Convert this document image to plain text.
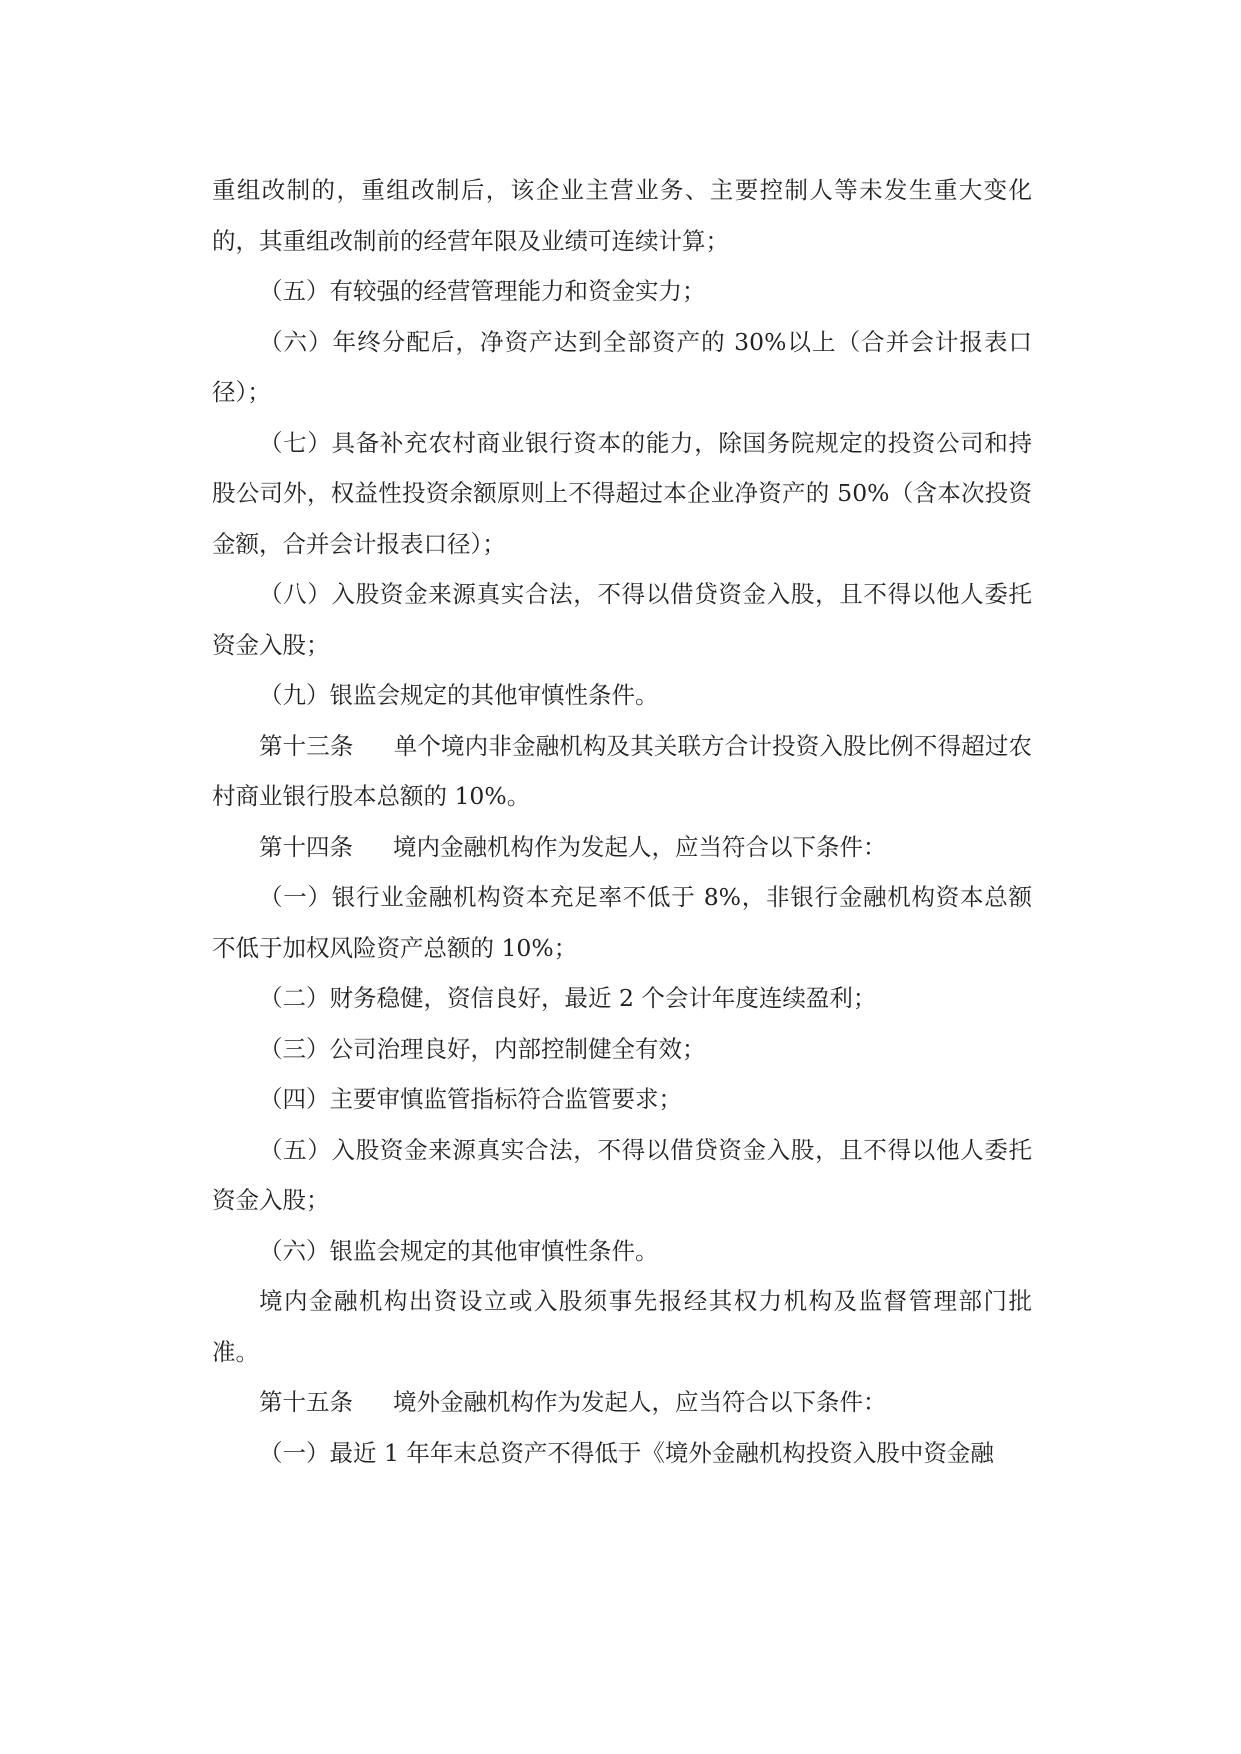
重组改制的，重组改制后，该企业主营业务、主要控制人等未发生重大变化的，其重组改制前的经营年限及业绩可连续计算；

（五）有较强的经营管理能力和资金实力；

（六）年终分配后，净资产达到全部资产的 30%以上（合并会计报表口径）；

（七）具备补充农村商业银行资本的能力，除国务院规定的投资公司和持股公司外，权益性投资余额原则上不得超过本企业净资产的 50%（含本次投资金额，合并会计报表口径）；

（八）入股资金来源真实合法，不得以借贷资金入股，且不得以他人委托资金入股；

（九）银监会规定的其他审慎性条件。

第十三条 单个境内非金融机构及其关联方合计投资入股比例不得超过农村商业银行股本总额的 10%。

第十四条 境内金融机构作为发起人，应当符合以下条件：

（一）银行业金融机构资本充足率不低于 8%，非银行金融机构资本总额不低于加权风险资产总额的 10%；

（二）财务稳健，资信良好，最近 2 个会计年度连续盈利；

（三）公司治理良好，内部控制健全有效；

（四）主要审慎监管指标符合监管要求；

（五）入股资金来源真实合法，不得以借贷资金入股，且不得以他人委托资金入股；

（六）银监会规定的其他审慎性条件。

境内金融机构出资设立或入股须事先报经其权力机构及监督管理部门批准。

第十五条 境外金融机构作为发起人，应当符合以下条件：

（一）最近 1 年年末总资产不得低于《境外金融机构投资入股中资金融
